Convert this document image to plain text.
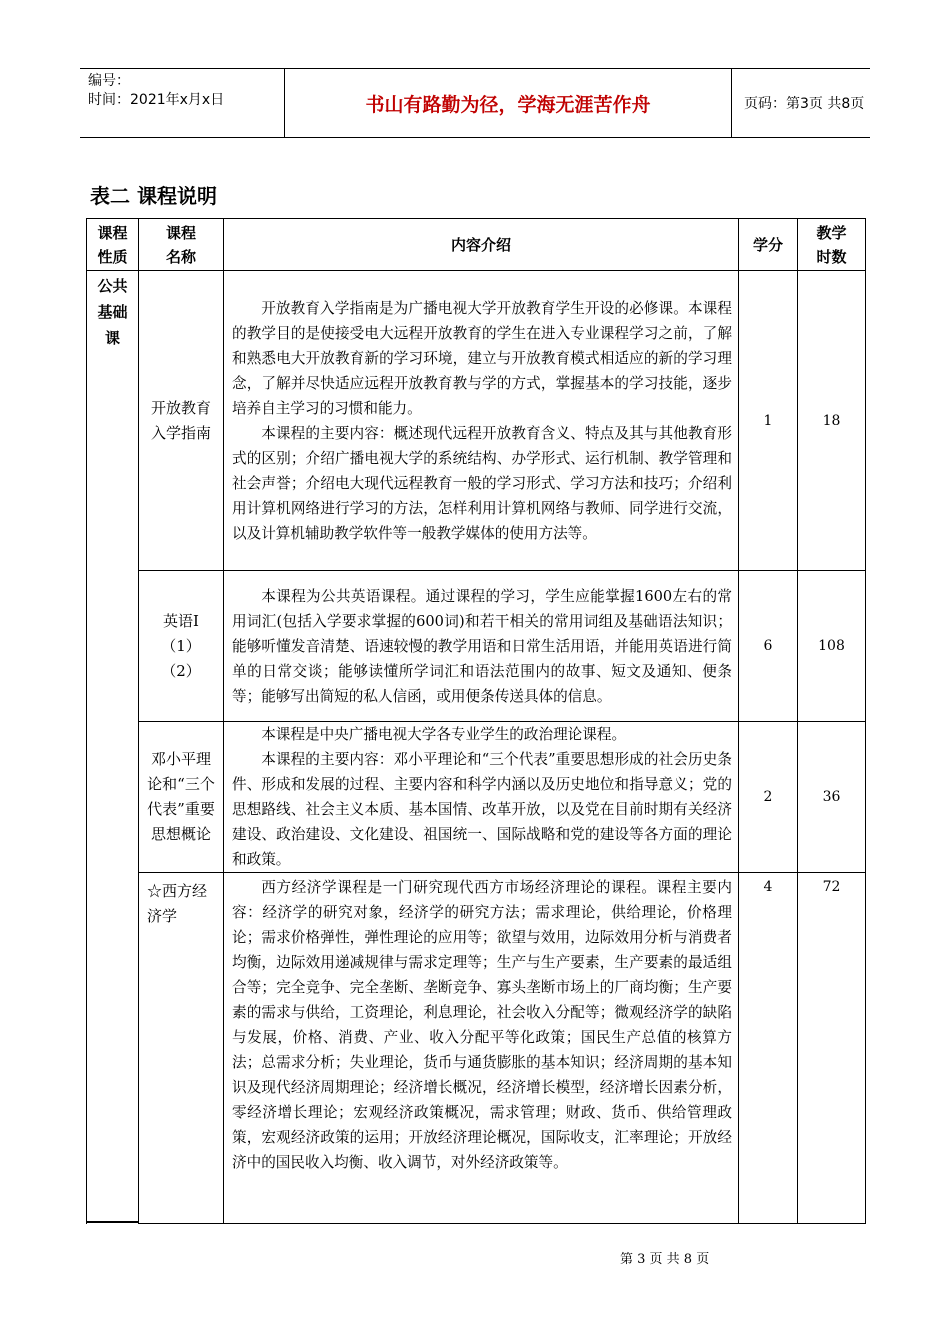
编号：
时间：2021年x月x日	书山有路勤为径，学海无涯苦作舟	页码：第3页 共8页
表二 课程说明
课程性质	课程名称	内容介绍	学分	教学时数

公共基础课	开放教育入学指南	开放教育入学指南是为广播电视大学开放教育学生开设的必修课。本课程的教学目的是使接受电大远程开放教育的学生在进入专业课程学习之前，了解和熟悉电大开放教育新的学习环境，建立与开放教育模式相适应的新的学习理念，了解并尽快适应远程开放教育教与学的方式，掌握基本的学习技能，逐步培养自主学习的习惯和能力。

本课程的主要内容：概述现代远程开放教育含义、特点及其与其他教育形式的区别；介绍广播电视大学的系统结构、办学形式、运行机制、教学管理和社会声誉；介绍电大现代远程教育一般的学习形式、学习方法和技巧；介绍利用计算机网络进行学习的方法，怎样利用计算机网络与教师、同学进行交流，以及计算机辅助教学软件等一般教学媒体的使用方法等。	1	18

	英语Ⅰ（1）（2）	本课程为公共英语课程。通过课程的学习，学生应能掌握1600左右的常用词汇(包括入学要求掌握的600词)和若干相关的常用词组及基础语法知识；能够听懂发音清楚、语速较慢的教学用语和日常生活用语，并能用英语进行简单的日常交谈；能够读懂所学词汇和语法范围内的故事、短文及通知、便条等；能够写出简短的私人信函，或用便条传送具体的信息。	6	108

	邓小平理论和“三个代表”重要思想概论	本课程是中央广播电视大学各专业学生的政治理论课程。

本课程的主要内容：邓小平理论和“三个代表”重要思想形成的社会历史条件、形成和发展的过程、主要内容和科学内涵以及历史地位和指导意义；党的思想路线、社会主义本质、基本国情、改革开放，以及党在目前时期有关经济建设、政治建设、文化建设、祖国统一、国际战略和党的建设等各方面的理论和政策。	2	36
	☆西方经济学	西方经济学课程是一门研究现代西方市场经济理论的课程。课程主要内容：经济学的研究对象，经济学的研究方法；需求理论，供给理论，价格理论；需求价格弹性，弹性理论的应用等；欲望与效用，边际效用分析与消费者均衡，边际效用递减规律与需求定理等；生产与生产要素，生产要素的最适组合等；完全竞争、完全垄断、垄断竞争、寡头垄断市场上的厂商均衡；生产要素的需求与供给，工资理论，利息理论，社会收入分配等；微观经济学的缺陷与发展，价格、消费、产业、收入分配平等化政策；国民生产总值的核算方法；总需求分析；失业理论，货币与通货膨胀的基本知识；经济周期的基本知识及现代经济周期理论；经济增长概况，经济增长模型，经济增长因素分析，零经济增长理论；宏观经济政策概况，需求管理；财政、货币、供给管理政策，宏观经济政策的运用；开放经济理论概况，国际收支，汇率理论；开放经济中的国民收入均衡、收入调节，对外经济政策等。	4	72
第 3 页 共 8 页
